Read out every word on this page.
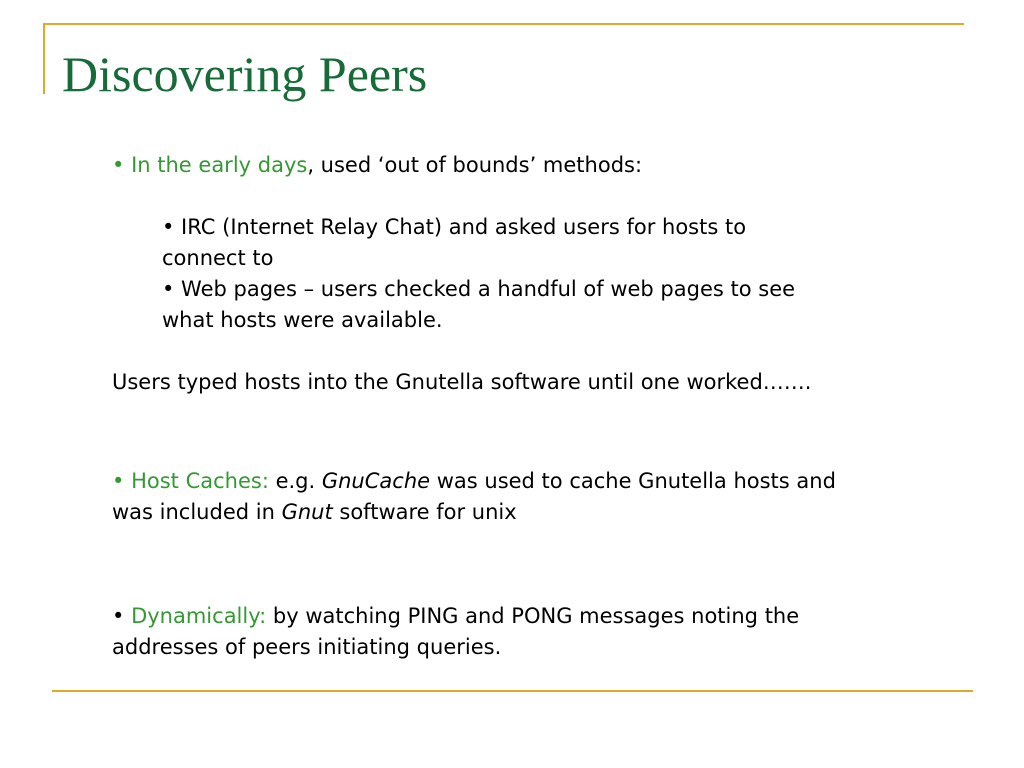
Discovering Peers
• In the early days, used ‘out of bounds’ methods:
• IRC (Internet Relay Chat) and asked users for hosts to
connect to
• Web pages – users checked a handful of web pages to see
what hosts were available.
Users typed hosts into the Gnutella software until one worked…….
• Host Caches: e.g. GnuCache was used to cache Gnutella hosts and
was included in Gnut software for unix
• Dynamically: by watching PING and PONG messages noting the
addresses of peers initiating queries.
